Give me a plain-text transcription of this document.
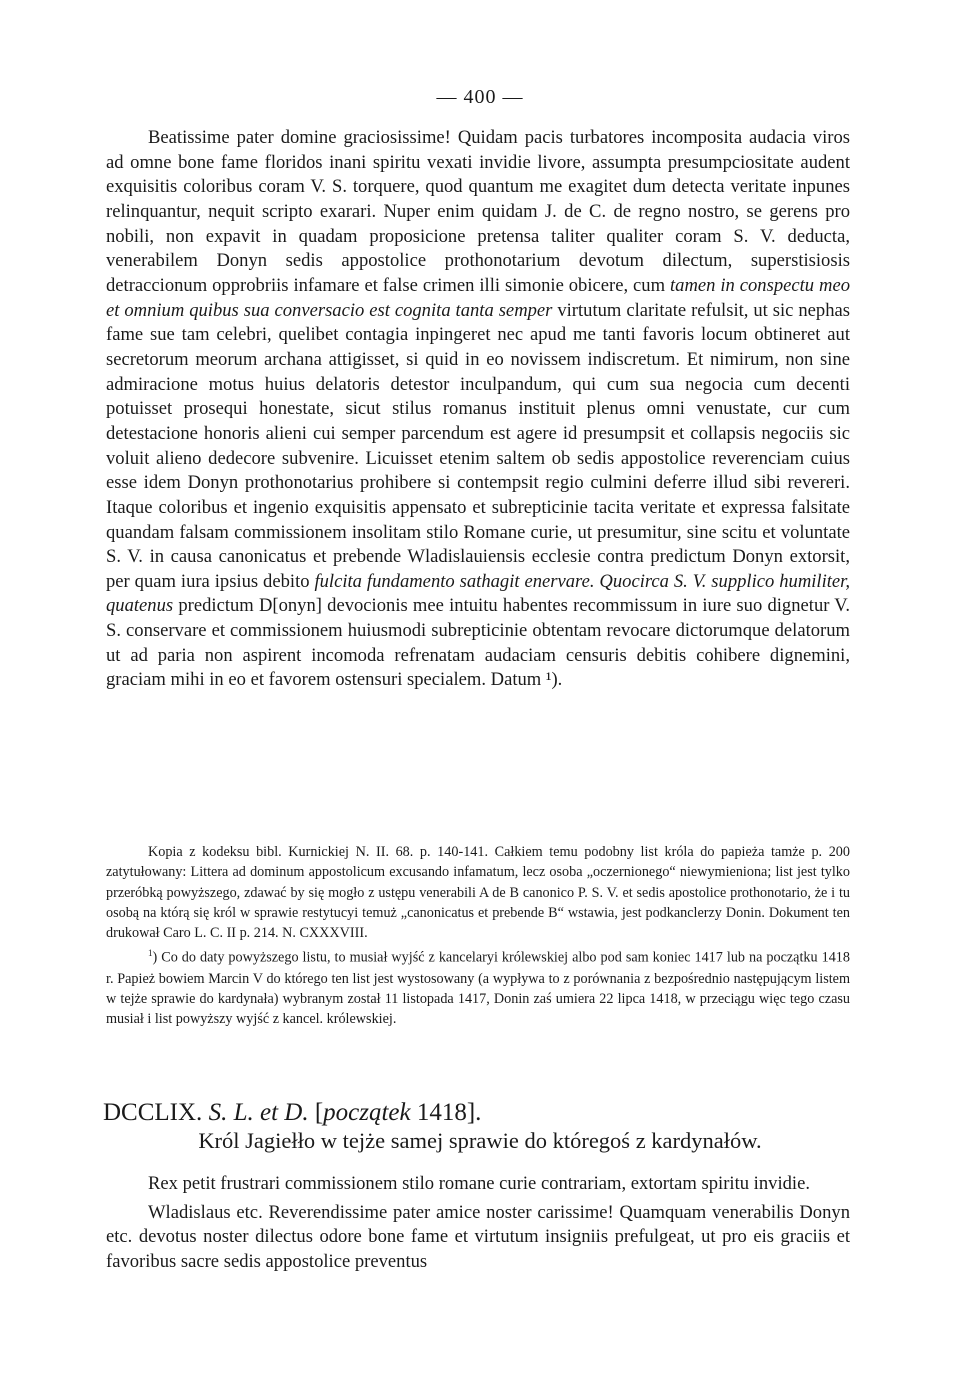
— 400 —

Beatissime pater domine graciosissime! Quidam pacis turbatores incomposita audacia viros ad omne bone fame floridos inani spiritu vexati invidie livore, assumpta presumpciositate audent exquisitis coloribus coram V. S. torquere, quod quantum me exagitet dum detecta veritate inpunes relinquantur, nequit scripto exarari. Nuper enim quidam J. de C. de regno nostro, se gerens pro nobili, non expavit in quadam proposicione pretensa taliter qualiter coram S. V. deducta, venerabilem Donyn sedis appostolice prothonotarium devotum dilectum, superstisiosis detraccionum opprobriis infamare et false crimen illi simonie obicere, cum tamen in conspectu meo et omnium quibus sua conversacio est cognita tanta semper virtutum claritate refulsit, ut sic nephas fame sue tam celebri, quelibet contagia inpingeret nec apud me tanti favoris locum obtineret aut secretorum meorum archana attigisset, si quid in eo novissem indiscretum. Et nimirum, non sine admiracione motus huius delatoris detestor inculpandum, qui cum sua negocia cum decenti potuisset prosequi honestate, sicut stilus romanus instituit plenus omni venustate, cur cum detestacione honoris alieni cui semper parcendum est agere id presumpsit et collapsis negociis sic voluit alieno dedecore subvenire. Licuisset etenim saltem ob sedis appostolice reverenciam cuius esse idem Donyn prothonotarius prohibere si contempsit regio culmini deferre illud sibi revereri. Itaque coloribus et ingenio exquisitis appensato et subrepticinie tacita veritate et expressa falsitate quandam falsam commissionem insolitam stilo Romane curie, ut presumitur, sine scitu et voluntate S. V. in causa canonicatus et prebende Wladislauiensis ecclesie contra predictum Donyn extorsit, per quam iura ipsius debito fulcita fundamento sathagit enervare. Quocirca S. V. supplico humiliter, quatenus predictum D[onyn] devocionis mee intuitu habentes recommissum in iure suo dignetur V. S. conservare et commissionem huiusmodi subrepticinie obtentam revocare dictorumque delatorum ut ad paria non aspirent incomoda refrenatam audaciam censuris debitis cohibere dignemini, graciam mihi in eo et favorem ostensuri specialem. Datum ¹).

Kopia z kodeksu bibl. Kurnickiej N. II. 68. p. 140-141. Całkiem temu podobny list króla do papieża tamże p. 200 zatytułowany: Littera ad dominum appostolicum excusando infamatum, lecz osoba „oczernionego“ niewymieniona; list jest tylko przeróbką powyższego, zdawać by się mogło z ustępu venerabili A de B canonico P. S. V. et sedis apostolice prothonotario, że i tu osobą na którą się król w sprawie restytucyi temuż „canonicatus et prebende B“ wstawia, jest podkanclerzy Donin. Dokument ten drukował Caro L. C. II p. 214. N. CXXXVIII.

$^1$) Co do daty powyższego listu, to musiał wyjść z kancelaryi królewskiej albo pod sam koniec 1417 lub na początku 1418 r. Papież bowiem Marcin V do którego ten list jest wystosowany (a wypływa to z porównania z bezpośrednio następującym listem w tejże sprawie do kardynała) wybranym został 11 listopada 1417, Donin zaś umiera 22 lipca 1418, w przeciągu więc tego czasu musiał i list powyższy wyjść z kancel. królewskiej.

DCCLIX. S. L. et D. [początek 1418].
Król Jagiełło w tejże samej sprawie do któregoś z kardynałów.

Rex petit frustrari commissionem stilo romane curie contrariam, extortam spiritu invidie.

Wladislaus etc. Reverendissime pater amice noster carissime! Quamquam venerabilis Donyn etc. devotus noster dilectus odore bone fame et virtutum insigniis prefulgeat, ut pro eis graciis et favoribus sacre sedis appostolice preventus
